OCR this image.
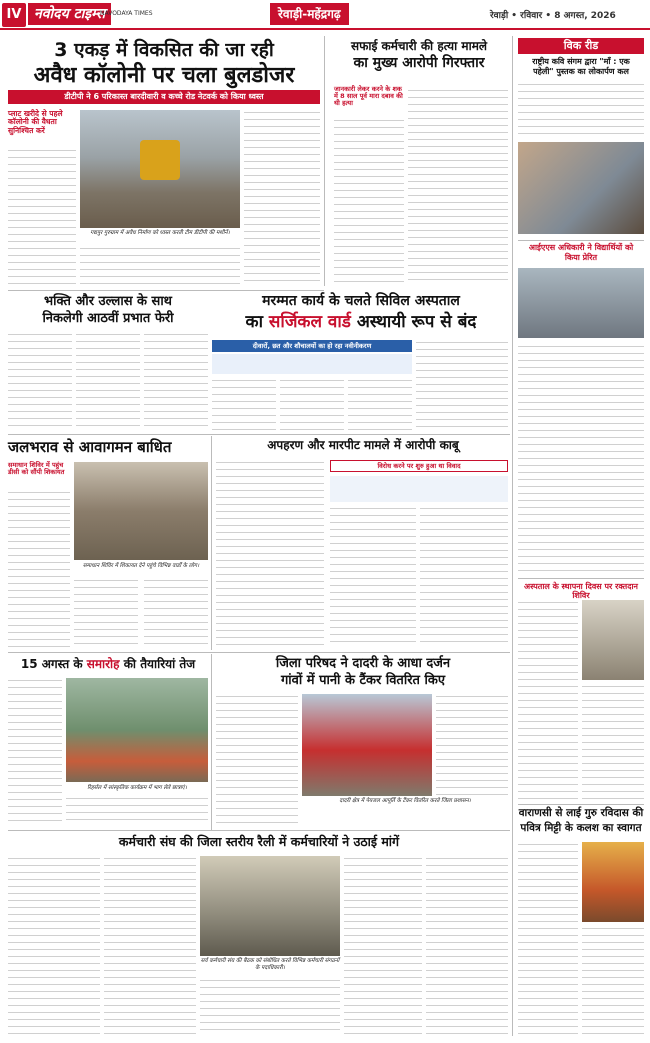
IV नवोदय टाइम्स
NAVODAYA TIMES	रेवाड़ी-महेंद्रगढ़	रेवाड़ी • रविवार • 8 अगस्त, 2026
3 एकड़ में विकसित की जा रही
अवैध कॉलोनी पर चला बुलडोजर
डीटीपी ने 6 परिकास्त बारदीवारी व कच्चे रोड नेटवर्क को किया ध्वस्त
प्लाट खरीदे से पहले कॉलोनी की वैधता सुनिश्चित करें
गद्यपुर गुरुग्राम में अवैध निर्माण को ध्वस्त करती टीम डीटीपी की मशीनें।
सफाई कर्मचारी की हत्या मामले
का मुख्य आरोपी गिरफ्तार
जानकारी लेकर करने के शक में 8 साल पूर्व मारा दबाव की थी हत्या
विक रीड
राष्ट्रीय कवि संगम द्वारा "माँ : एक
पहेली" पुस्तक का लोकार्पण कल
आईएएस अधिकारी ने विद्यार्थियों को
किया प्रेरित
अस्पताल के स्थापना दिवस पर रक्तदान शिविर
भक्ति और उल्लास के साथ
निकलेगी आठवीं प्रभात फेरी
मरम्मत कार्य के चलते सिविल अस्पताल
का सर्जिकल वार्ड अस्थायी रूप से बंद
दीवारों, छत और शौचालयों का हो रहा नवीनीकरण
जलभराव से आवागमन बाधित
समाधान शिविर में पहुंच डीसी को सौंपी शिकायत
समाधान शिविर में शिकायत देने पहुंचे विभिन्न वार्डों के लोग।
अपहरण और मारपीट मामले में आरोपी काबू
विरोध करने पर शुरु हुआ था विवाद
15 अगस्त के समारोह की तैयारियां तेज
रिहर्सल में सांस्कृतिक कार्यक्रम में भाग लेते छात्राएं।
जिला परिषद ने दादरी के आधा दर्जन
गांवों में पानी के टैंकर वितरित किए
दादरी क्षेत्र में पेयजल आपूर्ति के टैंकर वितरित करते जिला प्रशासन।
कर्मचारी संघ की जिला स्तरीय रैली में कर्मचारियों ने उठाई मांगें
सर्व कर्मचारी संघ की बैठक को संबोधित करते विभिन्न कर्मचारी संगठनों के पदाधिकारी।
वाराणसी से लाई गुरु रविदास की
पवित्र मिट्टी के कलश का स्वागत
